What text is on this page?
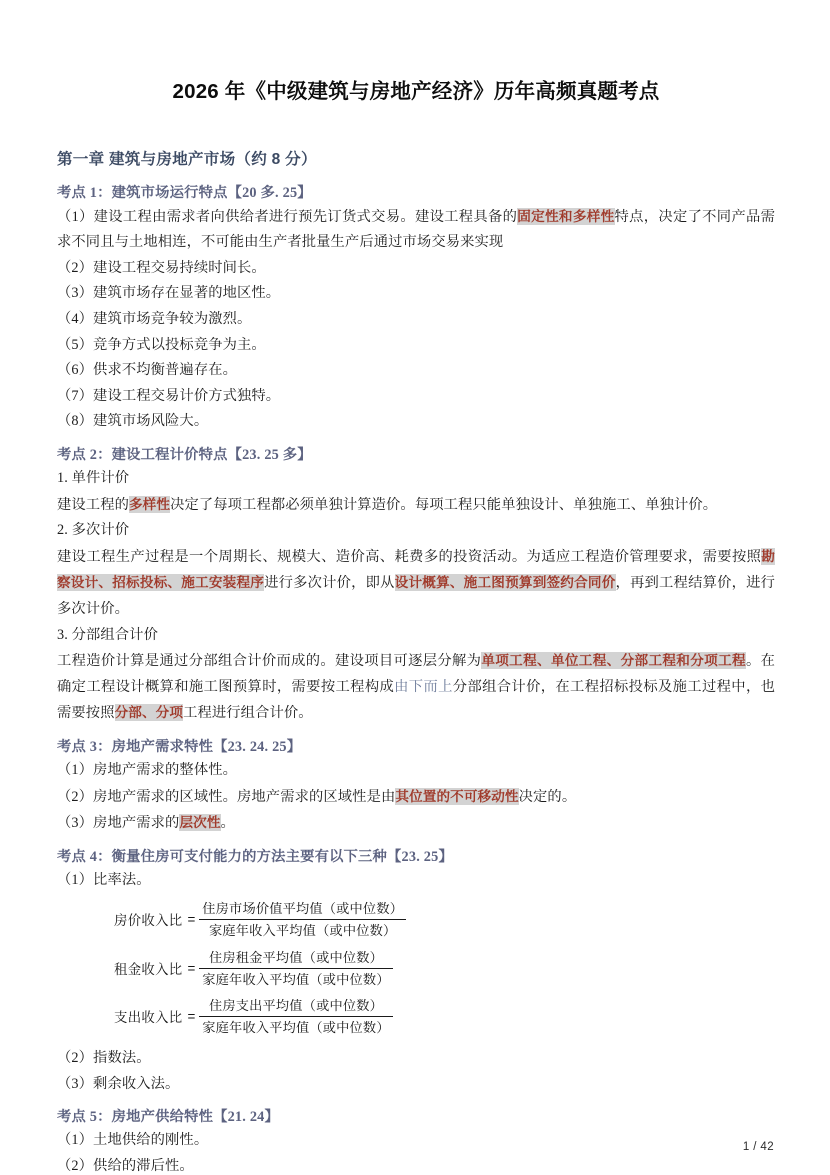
2026 年《中级建筑与房地产经济》历年高频真题考点
第一章 建筑与房地产市场（约 8 分）
考点 1：建筑市场运行特点【20 多. 25】

（1）建设工程由需求者向供给者进行预先订货式交易。建设工程具备的固定性和多样性特点，决定了不同产品需求不同且与土地相连，不可能由生产者批量生产后通过市场交易来实现

（2）建设工程交易持续时间长。

（3）建筑市场存在显著的地区性。

（4）建筑市场竞争较为激烈。

（5）竞争方式以投标竞争为主。

（6）供求不均衡普遍存在。

（7）建设工程交易计价方式独特。

（8）建筑市场风险大。

考点 2：建设工程计价特点【23. 25 多】

1. 单件计价

建设工程的多样性决定了每项工程都必须单独计算造价。每项工程只能单独设计、单独施工、单独计价。

2. 多次计价

建设工程生产过程是一个周期长、规模大、造价高、耗费多的投资活动。为适应工程造价管理要求，需要按照勘察设计、招标投标、施工安装程序进行多次计价，即从设计概算、施工图预算到签约合同价，再到工程结算价，进行多次计价。

3. 分部组合计价

工程造价计算是通过分部组合计价而成的。建设项目可逐层分解为单项工程、单位工程、分部工程和分项工程。在确定工程设计概算和施工图预算时，需要按工程构成由下而上分部组合计价，在工程招标投标及施工过程中，也需要按照分部、分项工程进行组合计价。

考点 3：房地产需求特性【23. 24. 25】

（1）房地产需求的整体性。

（2）房地产需求的区域性。房地产需求的区域性是由其位置的不可移动性决定的。

（3）房地产需求的层次性。

考点 4：衡量住房可支付能力的方法主要有以下三种【23. 25】

（1）比率法。

房价收入比 = $\frac{\text{住房市场价值平均值（或中位数）}}{\text{家庭年收入平均值（或中位数）}}$
租金收入比 = $\frac{\text{住房租金平均值（或中位数）}}{\text{家庭年收入平均值（或中位数）}}$
支出收入比 = $\frac{\text{住房支出平均值（或中位数）}}{\text{家庭年收入平均值（或中位数）}}$

（2）指数法。

（3）剩余收入法。

考点 5：房地产供给特性【21. 24】

（1）土地供给的刚性。

（2）供给的滞后性。

1 / 42
